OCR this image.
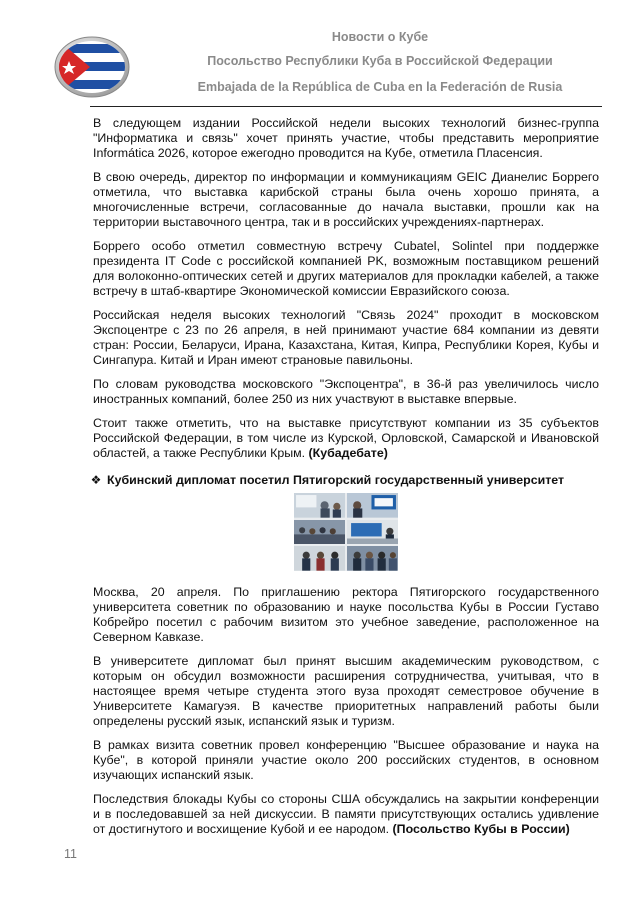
Новости о Кубе
Посольство Республики Куба в Российской Федерации
Embajada de la República de Cuba en la Federación de Rusia

В следующем издании Российской недели высоких технологий бизнес-группа "Информатика и связь" хочет принять участие, чтобы представить мероприятие Informática 2026, которое ежегодно проводится на Кубе, отметила Пласенсия.

В свою очередь, директор по информации и коммуникациям GEIC Дианелис Боррего отметила, что выставка карибской страны была очень хорошо принята, а многочисленные встречи, согласованные до начала выставки, прошли как на территории выставочного центра, так и в российских учреждениях-партнерах.

Боррего особо отметил совместную встречу Cubatel, Solintel при поддержке президента IT Code с российской компанией PK, возможным поставщиком решений для волоконно-оптических сетей и других материалов для прокладки кабелей, а также встречу в штаб-квартире Экономической комиссии Евразийского союза.

Российская неделя высоких технологий "Связь 2024" проходит в московском Экспоцентре с 23 по 26 апреля, в ней принимают участие 684 компании из девяти стран: России, Беларуси, Ирана, Казахстана, Китая, Кипра, Республики Корея, Кубы и Сингапура. Китай и Иран имеют страновые павильоны.

По словам руководства московского "Экспоцентра", в 36-й раз увеличилось число иностранных компаний, более 250 из них участвуют в выставке впервые.

Стоит также отметить, что на выставке присутствуют компании из 35 субъектов Российской Федерации, в том числе из Курской, Орловской, Самарской и Ивановской областей, а также Республики Крым. (Кубадебате)

❖ Кубинский дипломат посетил Пятигорский государственный университет

Москва, 20 апреля. По приглашению ректора Пятигорского государственного университета советник по образованию и науке посольства Кубы в России Густаво Кобрейро посетил с рабочим визитом это учебное заведение, расположенное на Северном Кавказе.

В университете дипломат был принят высшим академическим руководством, с которым он обсудил возможности расширения сотрудничества, учитывая, что в настоящее время четыре студента этого вуза проходят семестровое обучение в Университете Камагуэя. В качестве приоритетных направлений работы были определены русский язык, испанский язык и туризм.

В рамках визита советник провел конференцию "Высшее образование и наука на Кубе", в которой приняли участие около 200 российских студентов, в основном изучающих испанский язык.

Последствия блокады Кубы со стороны США обсуждались на закрытии конференции и в последовавшей за ней дискуссии. В памяти присутствующих остались удивление от достигнутого и восхищение Кубой и ее народом. (Посольство Кубы в России)

11
